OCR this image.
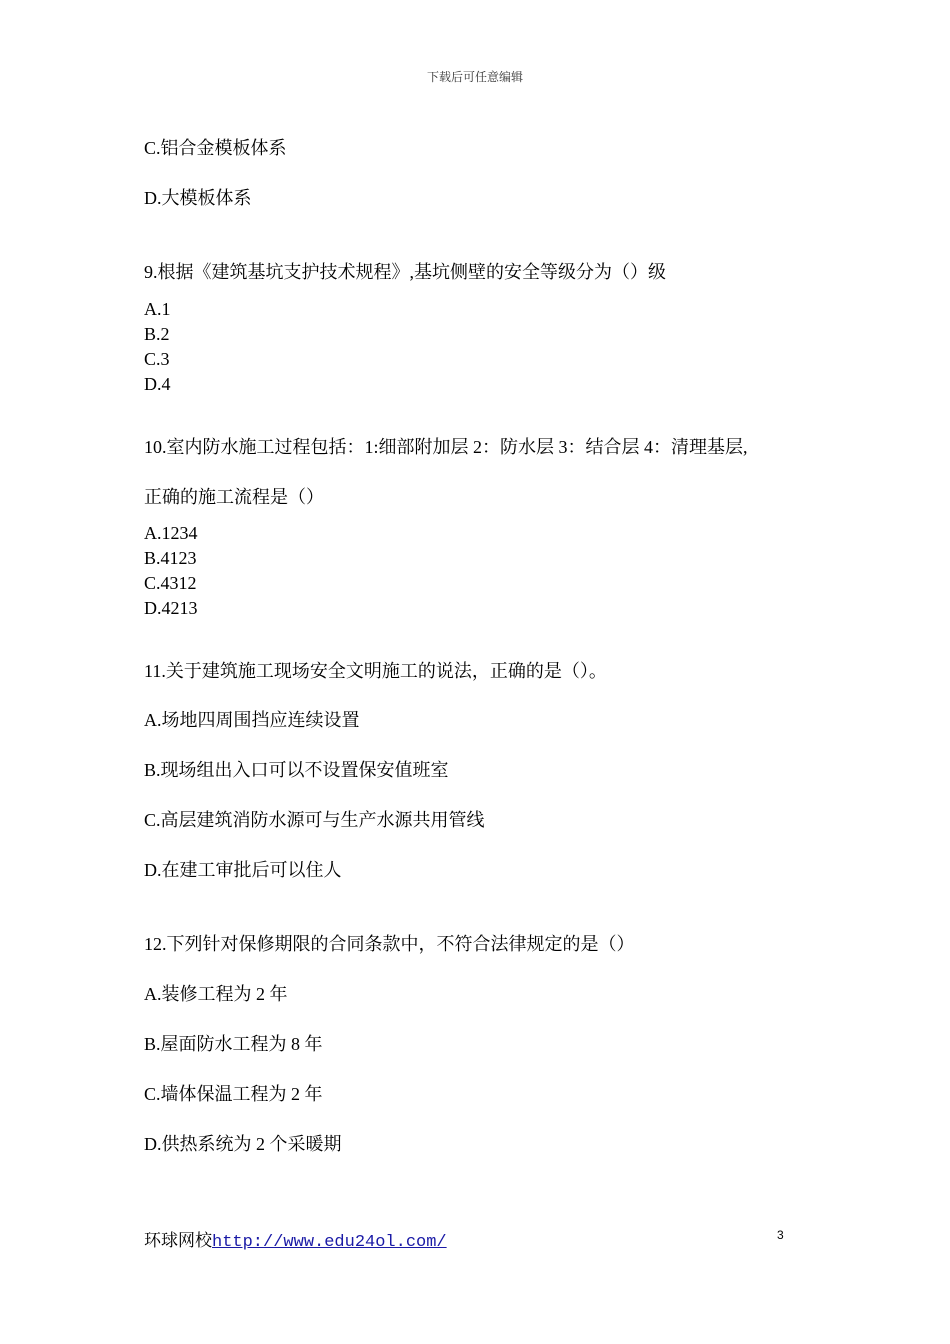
下载后可任意编辑
C.铝合金模板体系
D.大模板体系
9.根据《建筑基坑支护技术规程》,基坑侧壁的安全等级分为（）级
A.1
B.2
C.3
D.4
10.室内防水施工过程包括：1:细部附加层 2：防水层 3：结合层 4：清理基层,
正确的施工流程是（）
A.1234
B.4123
C.4312
D.4213
11.关于建筑施工现场安全文明施工的说法，正确的是（）。
A.场地四周围挡应连续设置
B.现场组出入口可以不设置保安值班室
C.高层建筑消防水源可与生产水源共用管线
D.在建工审批后可以住人
12.下列针对保修期限的合同条款中，不符合法律规定的是（）
A.装修工程为 2 年
B.屋面防水工程为 8 年
C.墙体保温工程为 2 年
D.供热系统为 2 个采暖期
环球网校http://www.edu24ol.com/	3
